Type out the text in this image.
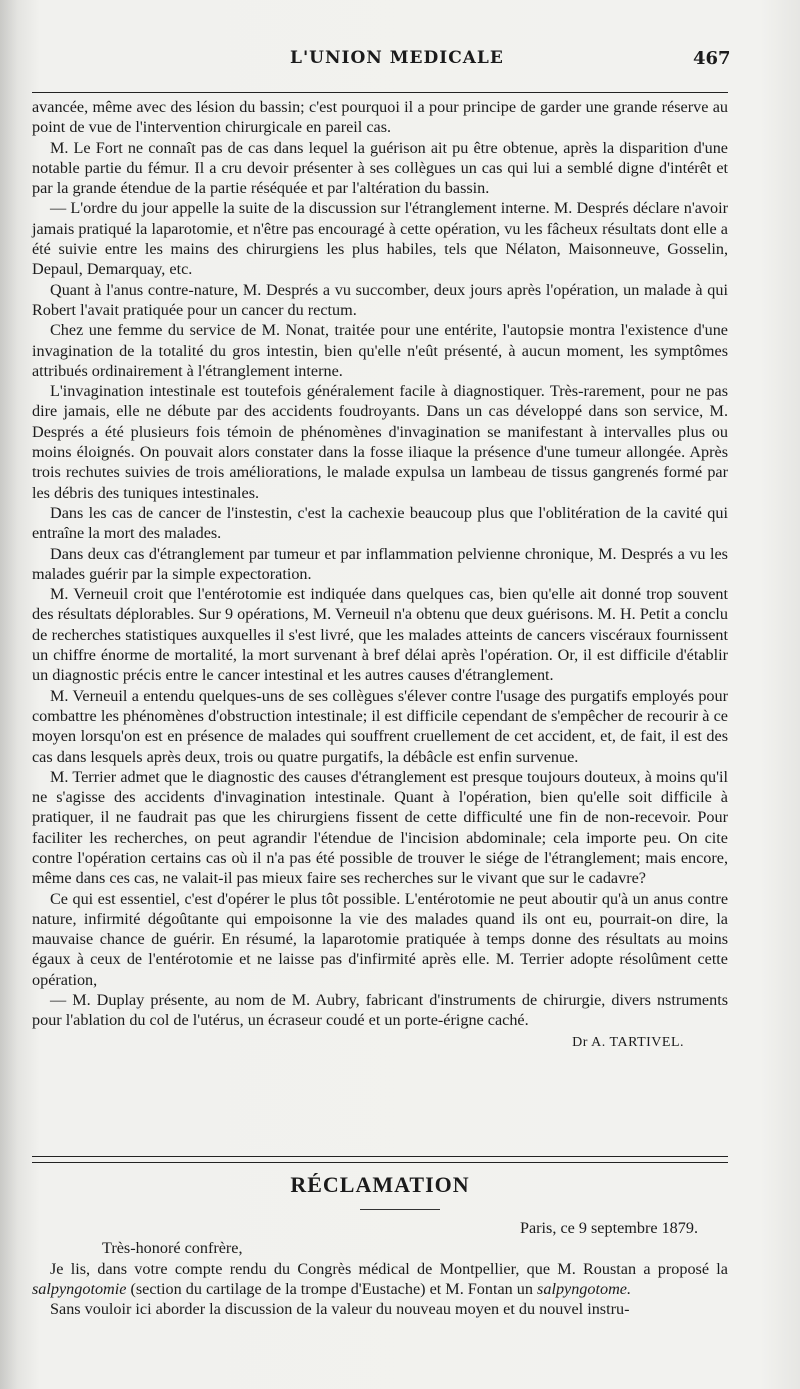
L'UNION MEDICALE	467

avancée, même avec des lésion du bassin; c'est pourquoi il a pour principe de garder une grande réserve au point de vue de l'intervention chirurgicale en pareil cas.

M. Le Fort ne connaît pas de cas dans lequel la guérison ait pu être obtenue, après la disparition d'une notable partie du fémur. Il a cru devoir présenter à ses collègues un cas qui lui a semblé digne d'intérêt et par la grande étendue de la partie réséquée et par l'altération du bassin.

— L'ordre du jour appelle la suite de la discussion sur l'étranglement interne. M. Després déclare n'avoir jamais pratiqué la laparotomie, et n'être pas encouragé à cette opération, vu les fâcheux résultats dont elle a été suivie entre les mains des chirurgiens les plus habiles, tels que Nélaton, Maisonneuve, Gosselin, Depaul, Demarquay, etc.

Quant à l'anus contre-nature, M. Després a vu succomber, deux jours après l'opération, un malade à qui Robert l'avait pratiquée pour un cancer du rectum.

Chez une femme du service de M. Nonat, traitée pour une entérite, l'autopsie montra l'existence d'une invagination de la totalité du gros intestin, bien qu'elle n'eût présenté, à aucun moment, les symptômes attribués ordinairement à l'étranglement interne.

L'invagination intestinale est toutefois généralement facile à diagnostiquer. Très-rarement, pour ne pas dire jamais, elle ne débute par des accidents foudroyants. Dans un cas développé dans son service, M. Després a été plusieurs fois témoin de phénomènes d'invagination se manifestant à intervalles plus ou moins éloignés. On pouvait alors constater dans la fosse iliaque la présence d'une tumeur allongée. Après trois rechutes suivies de trois améliorations, le malade expulsa un lambeau de tissus gangrenés formé par les débris des tuniques intestinales.

Dans les cas de cancer de l'instestin, c'est la cachexie beaucoup plus que l'oblitération de la cavité qui entraîne la mort des malades.

Dans deux cas d'étranglement par tumeur et par inflammation pelvienne chronique, M. Després a vu les malades guérir par la simple expectoration.

M. Verneuil croit que l'entérotomie est indiquée dans quelques cas, bien qu'elle ait donné trop souvent des résultats déplorables. Sur 9 opérations, M. Verneuil n'a obtenu que deux guérisons. M. H. Petit a conclu de recherches statistiques auxquelles il s'est livré, que les malades atteints de cancers viscéraux fournissent un chiffre énorme de mortalité, la mort survenant à bref délai après l'opération. Or, il est difficile d'établir un diagnostic précis entre le cancer intestinal et les autres causes d'étranglement.

M. Verneuil a entendu quelques-uns de ses collègues s'élever contre l'usage des purgatifs employés pour combattre les phénomènes d'obstruction intestinale; il est difficile cependant de s'empêcher de recourir à ce moyen lorsqu'on est en présence de malades qui souffrent cruellement de cet accident, et, de fait, il est des cas dans lesquels après deux, trois ou quatre purgatifs, la débâcle est enfin survenue.

M. Terrier admet que le diagnostic des causes d'étranglement est presque toujours douteux, à moins qu'il ne s'agisse des accidents d'invagination intestinale. Quant à l'opération, bien qu'elle soit difficile à pratiquer, il ne faudrait pas que les chirurgiens fissent de cette difficulté une fin de non-recevoir. Pour faciliter les recherches, on peut agrandir l'étendue de l'incision abdominale; cela importe peu. On cite contre l'opération certains cas où il n'a pas été possible de trouver le siége de l'étranglement; mais encore, même dans ces cas, ne valait-il pas mieux faire ses recherches sur le vivant que sur le cadavre?

Ce qui est essentiel, c'est d'opérer le plus tôt possible. L'entérotomie ne peut aboutir qu'à un anus contre nature, infirmité dégoûtante qui empoisonne la vie des malades quand ils ont eu, pourrait-on dire, la mauvaise chance de guérir. En résumé, la laparotomie pratiquée à temps donne des résultats au moins égaux à ceux de l'entérotomie et ne laisse pas d'infirmité après elle. M. Terrier adopte résolûment cette opération,

— M. Duplay présente, au nom de M. Aubry, fabricant d'instruments de chirurgie, divers nstruments pour l'ablation du col de l'utérus, un écraseur coudé et un porte-érigne caché.

Dr A. TARTIVEL.
RÉCLAMATION
Paris, ce 9 septembre 1879.
Très-honoré confrère,

Je lis, dans votre compte rendu du Congrès médical de Montpellier, que M. Roustan a proposé la salpyngotomie (section du cartilage de la trompe d'Eustache) et M. Fontan un salpyngotome.

Sans vouloir ici aborder la discussion de la valeur du nouveau moyen et du nouvel instru-
